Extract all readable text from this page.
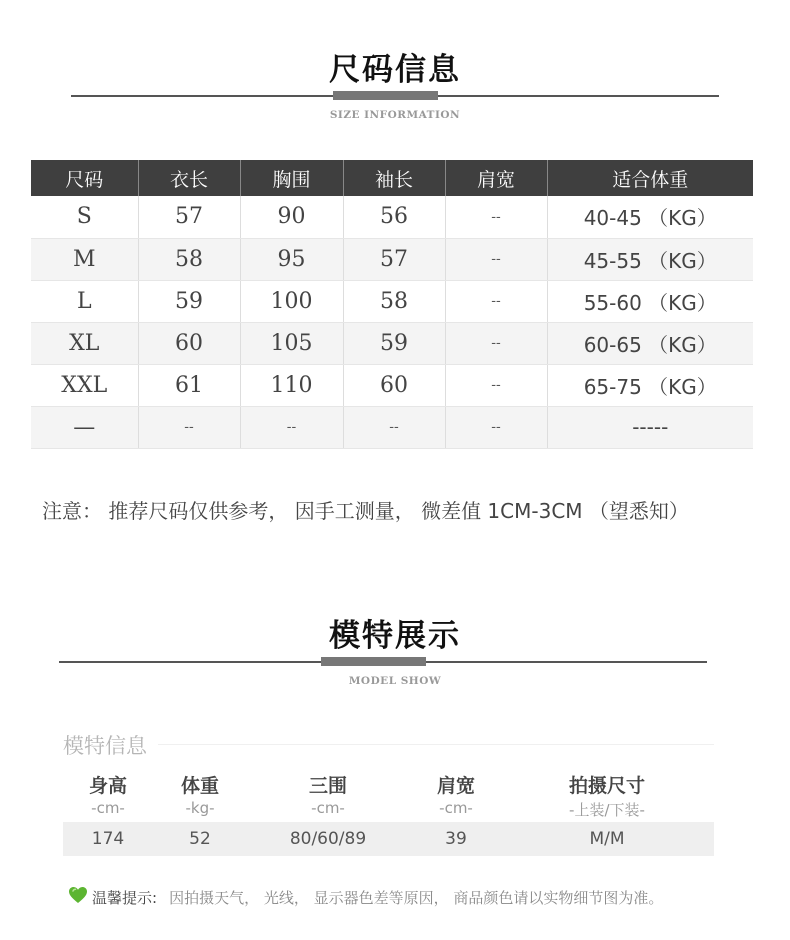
尺码信息
SIZE INFORMATION
尺码	衣长	胸围	袖长	肩宽	适合体重
S	57	90	56	--	40-45 （KG）
M	58	95	57	--	45-55 （KG）
L	59	100	58	--	55-60 （KG）
XL	60	105	59	--	60-65 （KG）
XXL	61	110	60	--	65-75 （KG）
—	--	--	--	--	-----
注意： 推荐尺码仅供参考， 因手工测量， 微差值 1CM-3CM （望悉知）
模特展示
MODEL SHOW
模特信息
身高	体重	三围	肩宽	拍摄尺寸
-cm-	-kg-	-cm-	-cm-	-上装/下装-
174	52	80/60/89	39	M/M
温馨提示: 因拍摄天气， 光线， 显示器色差等原因， 商品颜色请以实物细节图为准。
